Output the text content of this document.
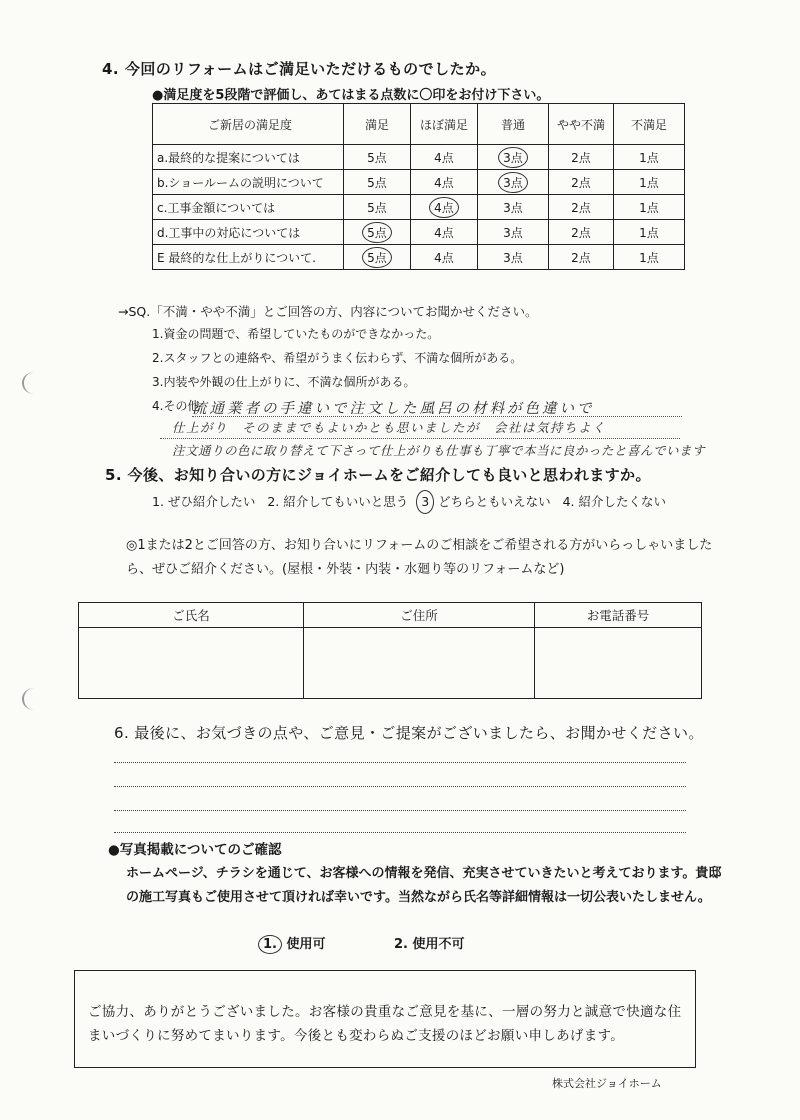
4. 今回のリフォームはご満足いただけるものでしたか。
●満足度を5段階で評価し、あてはまる点数に〇印をお付け下さい。
ご新居の満足度	満足	ほぼ満足	普通	やや不満	不満足
a.最終的な提案については	5点	4点	3点	2点	1点
b.ショールームの説明について	5点	4点	3点	2点	1点
c.工事金額については	5点	4点	3点	2点	1点
d.工事中の対応については	5点	4点	3点	2点	1点
E 最終的な仕上がりについて.	5点	4点	3点	2点	1点
→SQ.「不満・やや不満」とご回答の方、内容についてお聞かせください。
1.資金の問題で、希望していたものができなかった。
2.スタッフとの連絡や、希望がうまく伝わらず、不満な個所がある。
3.内装や外観の仕上がりに、不満な個所がある。
4.その他
流通業者の手違いで注文した風呂の材料が色違いで
仕上がり　そのままでもよいかとも思いましたが　会社は気持ちよく
注文通りの色に取り替えて下さって仕上がりも仕事も丁寧で本当に良かったと喜んでいます
5. 今後、お知り合いの方にジョイホームをご紹介しても良いと思われますか。
1. ぜひ紹介したい 2. 紹介してもいいと思う 3 どちらともいえない 4. 紹介したくない
◎1または2とご回答の方、お知り合いにリフォームのご相談をご希望される方がいらっしゃいましたら、ぜひご紹介ください。(屋根・外装・内装・水廻り等のリフォームなど)
ご氏名	ご住所	お電話番号

6. 最後に、お気づきの点や、ご意見・ご提案がございましたら、お聞かせください。
●写真掲載についてのご確認
ホームページ、チラシを通じて、お客様への情報を発信、充実させていきたいと考えております。貴邸の施工写真もご使用させて頂ければ幸いです。当然ながら氏名等詳細情報は一切公表いたしません。
1. 使用可	2. 使用不可
ご協力、ありがとうございました。お客様の貴重なご意見を基に、一層の努力と誠意で快適な住まいづくりに努めてまいります。今後とも変わらぬご支援のほどお願い申しあげます。
株式会社ジョイホーム
